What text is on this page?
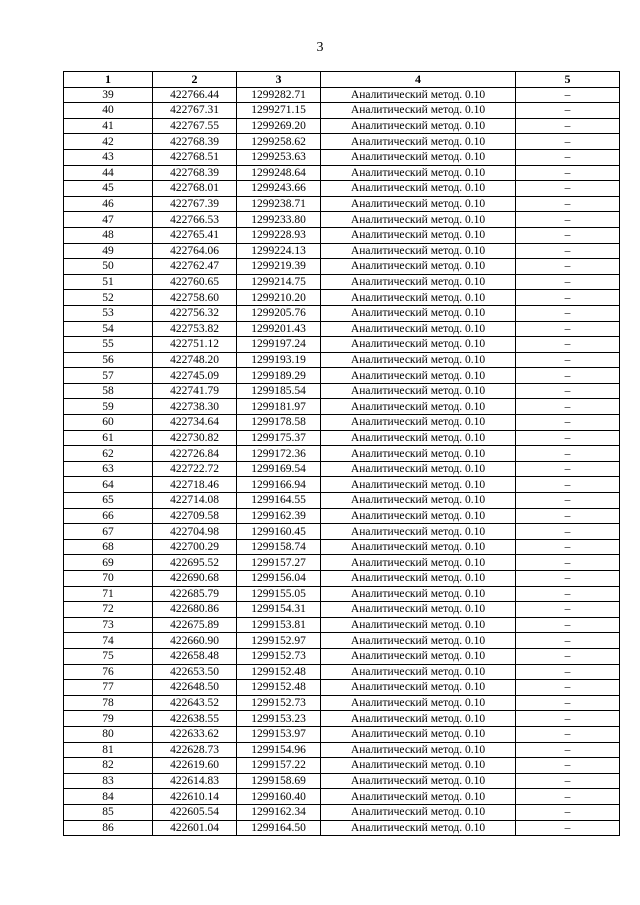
3
1	2	3	4	5
39	422766.44	1299282.71	Аналитический метод. 0.10	–
40	422767.31	1299271.15	Аналитический метод. 0.10	–
41	422767.55	1299269.20	Аналитический метод. 0.10	–
42	422768.39	1299258.62	Аналитический метод. 0.10	–
43	422768.51	1299253.63	Аналитический метод. 0.10	–
44	422768.39	1299248.64	Аналитический метод. 0.10	–
45	422768.01	1299243.66	Аналитический метод. 0.10	–
46	422767.39	1299238.71	Аналитический метод. 0.10	–
47	422766.53	1299233.80	Аналитический метод. 0.10	–
48	422765.41	1299228.93	Аналитический метод. 0.10	–
49	422764.06	1299224.13	Аналитический метод. 0.10	–
50	422762.47	1299219.39	Аналитический метод. 0.10	–
51	422760.65	1299214.75	Аналитический метод. 0.10	–
52	422758.60	1299210.20	Аналитический метод. 0.10	–
53	422756.32	1299205.76	Аналитический метод. 0.10	–
54	422753.82	1299201.43	Аналитический метод. 0.10	–
55	422751.12	1299197.24	Аналитический метод. 0.10	–
56	422748.20	1299193.19	Аналитический метод. 0.10	–
57	422745.09	1299189.29	Аналитический метод. 0.10	–
58	422741.79	1299185.54	Аналитический метод. 0.10	–
59	422738.30	1299181.97	Аналитический метод. 0.10	–
60	422734.64	1299178.58	Аналитический метод. 0.10	–
61	422730.82	1299175.37	Аналитический метод. 0.10	–
62	422726.84	1299172.36	Аналитический метод. 0.10	–
63	422722.72	1299169.54	Аналитический метод. 0.10	–
64	422718.46	1299166.94	Аналитический метод. 0.10	–
65	422714.08	1299164.55	Аналитический метод. 0.10	–
66	422709.58	1299162.39	Аналитический метод. 0.10	–
67	422704.98	1299160.45	Аналитический метод. 0.10	–
68	422700.29	1299158.74	Аналитический метод. 0.10	–
69	422695.52	1299157.27	Аналитический метод. 0.10	–
70	422690.68	1299156.04	Аналитический метод. 0.10	–
71	422685.79	1299155.05	Аналитический метод. 0.10	–
72	422680.86	1299154.31	Аналитический метод. 0.10	–
73	422675.89	1299153.81	Аналитический метод. 0.10	–
74	422660.90	1299152.97	Аналитический метод. 0.10	–
75	422658.48	1299152.73	Аналитический метод. 0.10	–
76	422653.50	1299152.48	Аналитический метод. 0.10	–
77	422648.50	1299152.48	Аналитический метод. 0.10	–
78	422643.52	1299152.73	Аналитический метод. 0.10	–
79	422638.55	1299153.23	Аналитический метод. 0.10	–
80	422633.62	1299153.97	Аналитический метод. 0.10	–
81	422628.73	1299154.96	Аналитический метод. 0.10	–
82	422619.60	1299157.22	Аналитический метод. 0.10	–
83	422614.83	1299158.69	Аналитический метод. 0.10	–
84	422610.14	1299160.40	Аналитический метод. 0.10	–
85	422605.54	1299162.34	Аналитический метод. 0.10	–
86	422601.04	1299164.50	Аналитический метод. 0.10	–
